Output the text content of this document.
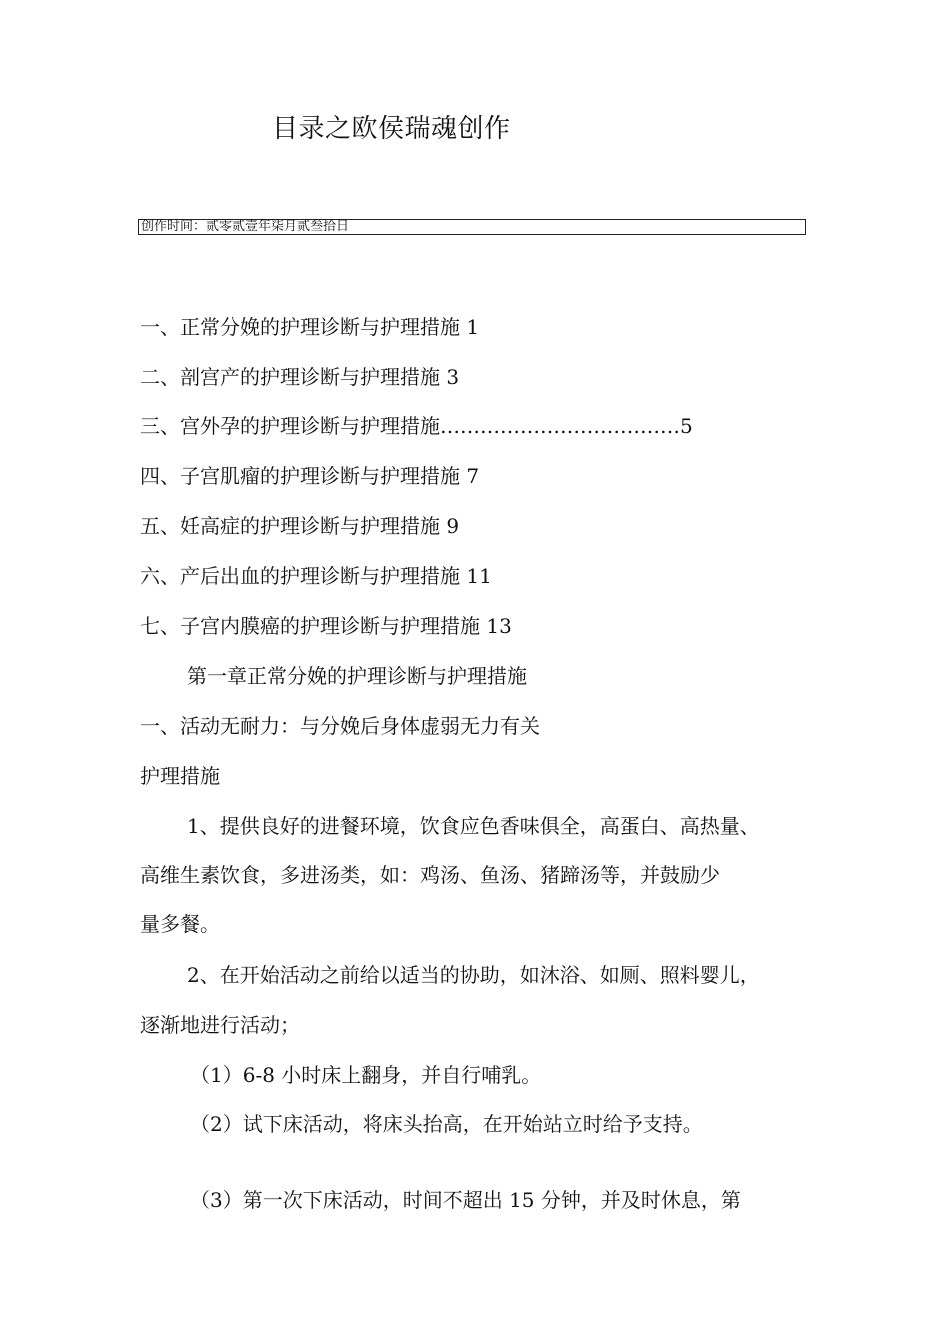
目录之欧侯瑞魂创作
创作时间：贰零贰壹年柒月贰叁拾日
一、正常分娩的护理诊断与护理措施 1
二、剖宫产的护理诊断与护理措施 3
三、宫外孕的护理诊断与护理措施………………………………5
四、子宫肌瘤的护理诊断与护理措施 7
五、妊高症的护理诊断与护理措施 9
六、产后出血的护理诊断与护理措施 11
七、子宫内膜癌的护理诊断与护理措施 13
第一章正常分娩的护理诊断与护理措施
一、活动无耐力：与分娩后身体虚弱无力有关
护理措施
1、提供良好的进餐环境，饮食应色香味俱全，高蛋白、高热量、
高维生素饮食，多进汤类，如：鸡汤、鱼汤、猪蹄汤等，并鼓励少
量多餐。
2、在开始活动之前给以适当的协助，如沐浴、如厕、照料婴儿，
逐渐地进行活动；
（1）6-8 小时床上翻身，并自行哺乳。
（2）试下床活动，将床头抬高，在开始站立时给予支持。
（3）第一次下床活动，时间不超出 15 分钟，并及时休息，第
